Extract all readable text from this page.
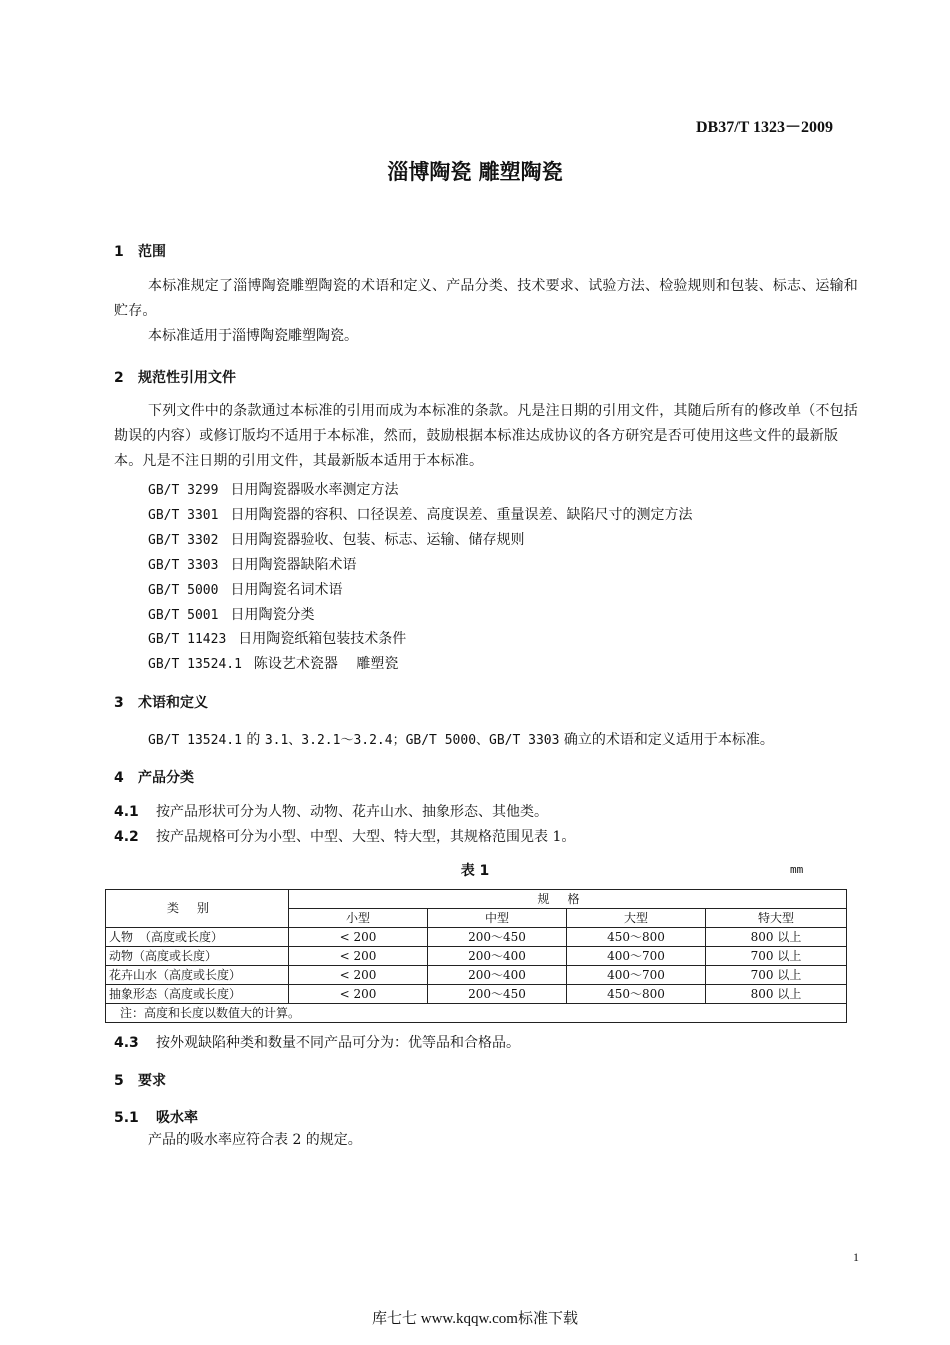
DB37/T 1323－2009
淄博陶瓷 雕塑陶瓷
1 范围
本标准规定了淄博陶瓷雕塑陶瓷的术语和定义、产品分类、技术要求、试验方法、检验规则和包装、标志、运输和贮存。
本标准适用于淄博陶瓷雕塑陶瓷。
2 规范性引用文件
下列文件中的条款通过本标准的引用而成为本标准的条款。凡是注日期的引用文件，其随后所有的修改单（不包括勘误的内容）或修订版均不适用于本标准，然而，鼓励根据本标准达成协议的各方研究是否可使用这些文件的最新版本。凡是不注日期的引用文件，其最新版本适用于本标准。
GB/T 3299 日用陶瓷器吸水率测定方法
GB/T 3301 日用陶瓷器的容积、口径误差、高度误差、重量误差、缺陷尺寸的测定方法
GB/T 3302 日用陶瓷器验收、包装、标志、运输、储存规则
GB/T 3303 日用陶瓷器缺陷术语
GB/T 5000 日用陶瓷名词术语
GB/T 5001 日用陶瓷分类
GB/T 11423 日用陶瓷纸箱包装技术条件
GB/T 13524.1 陈设艺术瓷器　 雕塑瓷
3 术语和定义
GB/T 13524.1 的 3.1、3.2.1～3.2.4；GB/T 5000、GB/T 3303 确立的术语和定义适用于本标准。
4 产品分类
4.1 按产品形状可分为人物、动物、花卉山水、抽象形态、其他类。
4.2 按产品规格可分为小型、中型、大型、特大型，其规格范围见表 1。
表 1	mm
类别	规格			
	小型	中型	大型	特大型
人物　（高度或长度）	< 200	200～450	450～800	800 以上
动物（高度或长度）	< 200	200～400	400～700	700 以上
花卉山水（高度或长度）	< 200	200～400	400～700	700 以上
抽象形态（高度或长度）	< 200	200～450	450～800	800 以上
注：高度和长度以数值大的计算。				
4.3 按外观缺陷种类和数量不同产品可分为：优等品和合格品。
5 要求
5.1 吸水率
产品的吸水率应符合表 2 的规定。
1
库七七 www.kqqw.com标准下载
